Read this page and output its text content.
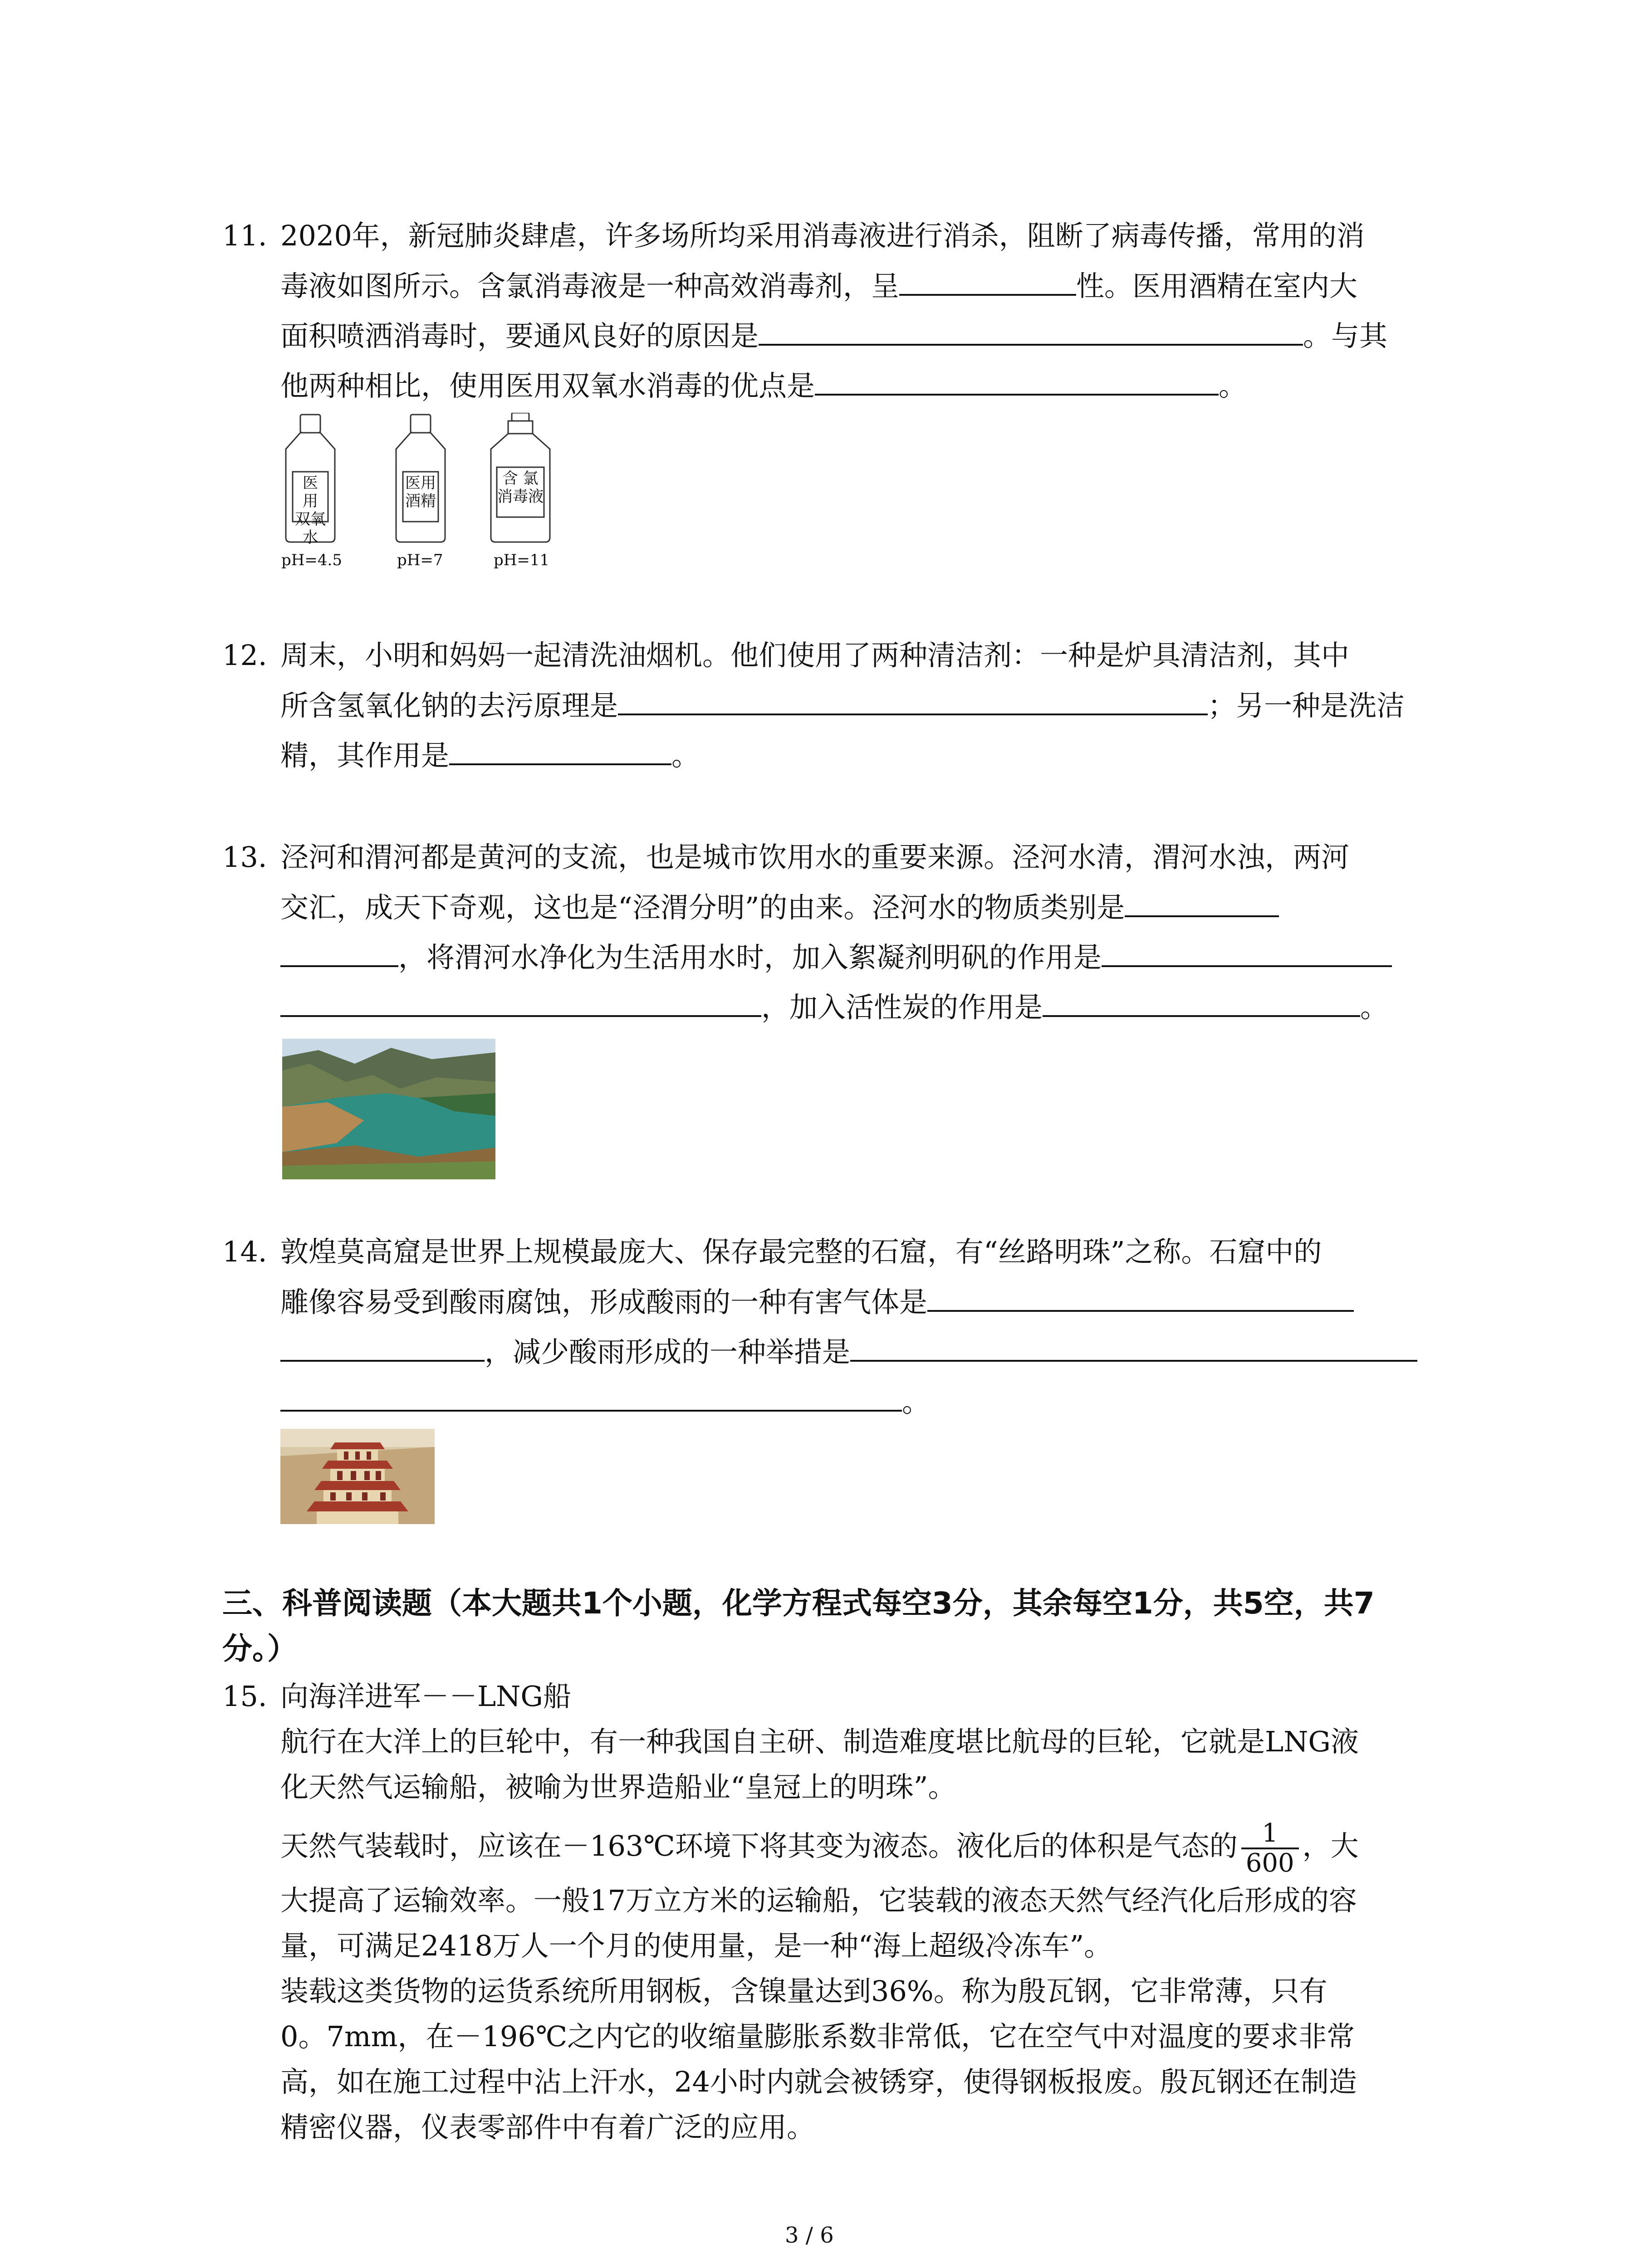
11. 2020年，新冠肺炎肆虐，许多场所均采用消毒液进行消杀，阻断了病毒传播，常用的消
毒液如图所示。含氯消毒液是一种高效消毒剂，呈	性。医用酒精在室内大
面积喷洒消毒时，要通风良好的原因是	。与其
他两种相比，使用医用双氧水消毒的优点是	。
医 用
双氧水
医用
酒精
含 氯
消毒液
pH=4.5	pH=7	pH=11
12. 周末，小明和妈妈一起清洗油烟机。他们使用了两种清洁剂：一种是炉具清洁剂，其中
所含氢氧化钠的去污原理是	；另一种是洗洁
精，其作用是	。
13. 泾河和渭河都是黄河的支流，也是城市饮用水的重要来源。泾河水清，渭河水浊，两河
交汇，成天下奇观，这也是“泾渭分明”的由来。泾河水的物质类别是
，将渭河水净化为生活用水时，加入絮凝剂明矾的作用是
，加入活性炭的作用是	。
14. 敦煌莫高窟是世界上规模最庞大、保存最完整的石窟，有“丝路明珠”之称。石窟中的
雕像容易受到酸雨腐蚀，形成酸雨的一种有害气体是
，减少酸雨形成的一种举措是
。
三、科普阅读题（本大题共1个小题，化学方程式每空3分，其余每空1分，共5空，共7
分。）
15. 向海洋进军－－LNG船
航行在大洋上的巨轮中，有一种我国自主研、制造难度堪比航母的巨轮，它就是LNG液
化天然气运输船，被喻为世界造船业“皇冠上的明珠”。
天然气装载时，应该在－163℃环境下将其变为液态。液化后的体积是气态的 $\frac{1}{600}$ ，大
大提高了运输效率。一般17万立方米的运输船，它装载的液态天然气经汽化后形成的容
量，可满足2418万人一个月的使用量，是一种“海上超级冷冻车”。
装载这类货物的运货系统所用钢板，含镍量达到36%。称为殷瓦钢，它非常薄，只有
0。7mm，在－196℃之内它的收缩量膨胀系数非常低，它在空气中对温度的要求非常
高，如在施工过程中沾上汗水，24小时内就会被锈穿，使得钢板报废。殷瓦钢还在制造
精密仪器，仪表零部件中有着广泛的应用。
3 / 6
